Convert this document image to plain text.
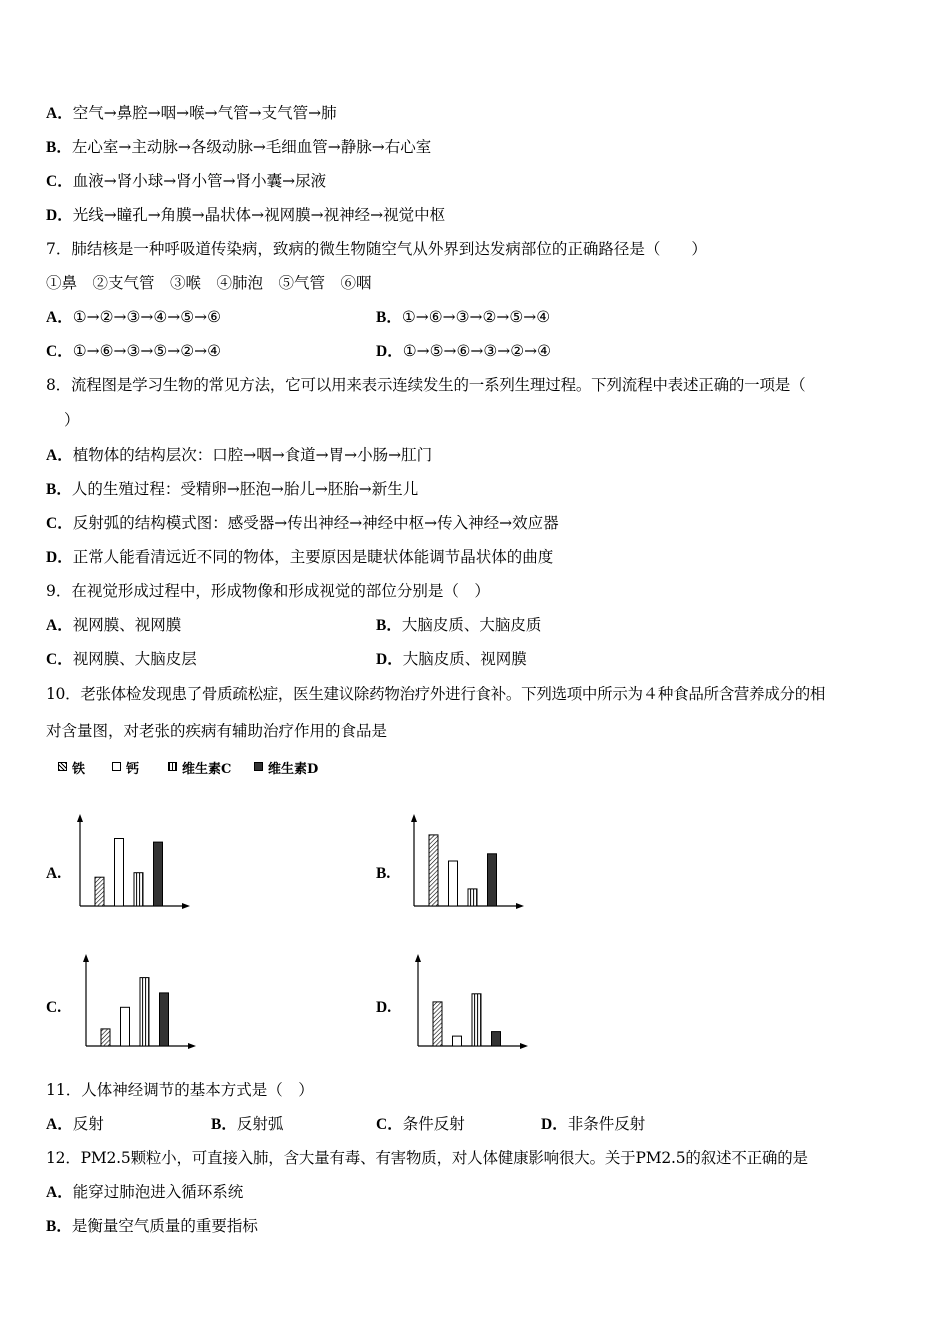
A．空气→鼻腔→咽→喉→气管→支气管→肺
B．左心室→主动脉→各级动脉→毛细血管→静脉→右心室
C．血液→肾小球→肾小管→肾小囊→尿液
D．光线→瞳孔→角膜→晶状体→视网膜→视神经→视觉中枢
7．肺结核是一种呼吸道传染病，致病的微生物随空气从外界到达发病部位的正确路径是（　　）
①鼻　②支气管　③喉　④肺泡　⑤气管　⑥咽
A．①→②→③→④→⑤→⑥	B．①→⑥→③→②→⑤→④
C．①→⑥→③→⑤→②→④	D．①→⑤→⑥→③→②→④
8．流程图是学习生物的常见方法，它可以用来表示连续发生的一系列生理过程。下列流程中表述正确的一项是（
）
A．植物体的结构层次：口腔→咽→食道→胃→小肠→肛门
B．人的生殖过程：受精卵→胚泡→胎儿→胚胎→新生儿
C．反射弧的结构模式图：感受器→传出神经→神经中枢→传入神经→效应器
D．正常人能看清远近不同的物体，主要原因是睫状体能调节晶状体的曲度
9．在视觉形成过程中，形成物像和形成视觉的部位分别是（　）
A．视网膜、视网膜	B．大脑皮质、大脑皮质
C．视网膜、大脑皮层	D．大脑皮质、视网膜
10．老张体检发现患了骨质疏松症，医生建议除药物治疗外进行食补。下列选项中所示为４种食品所含营养成分的相
对含量图，对老张的疾病有辅助治疗作用的食品是
铁	钙	维生素C	维生素D
A.	B.
C.	D.
11．人体神经调节的基本方式是（　）
A．反射	B．反射弧	C．条件反射	D．非条件反射
12．PM2.5颗粒小，可直接入肺，含大量有毒、有害物质，对人体健康影响很大。关于PM2.5的叙述不正确的是
A．能穿过肺泡进入循环系统
B．是衡量空气质量的重要指标
